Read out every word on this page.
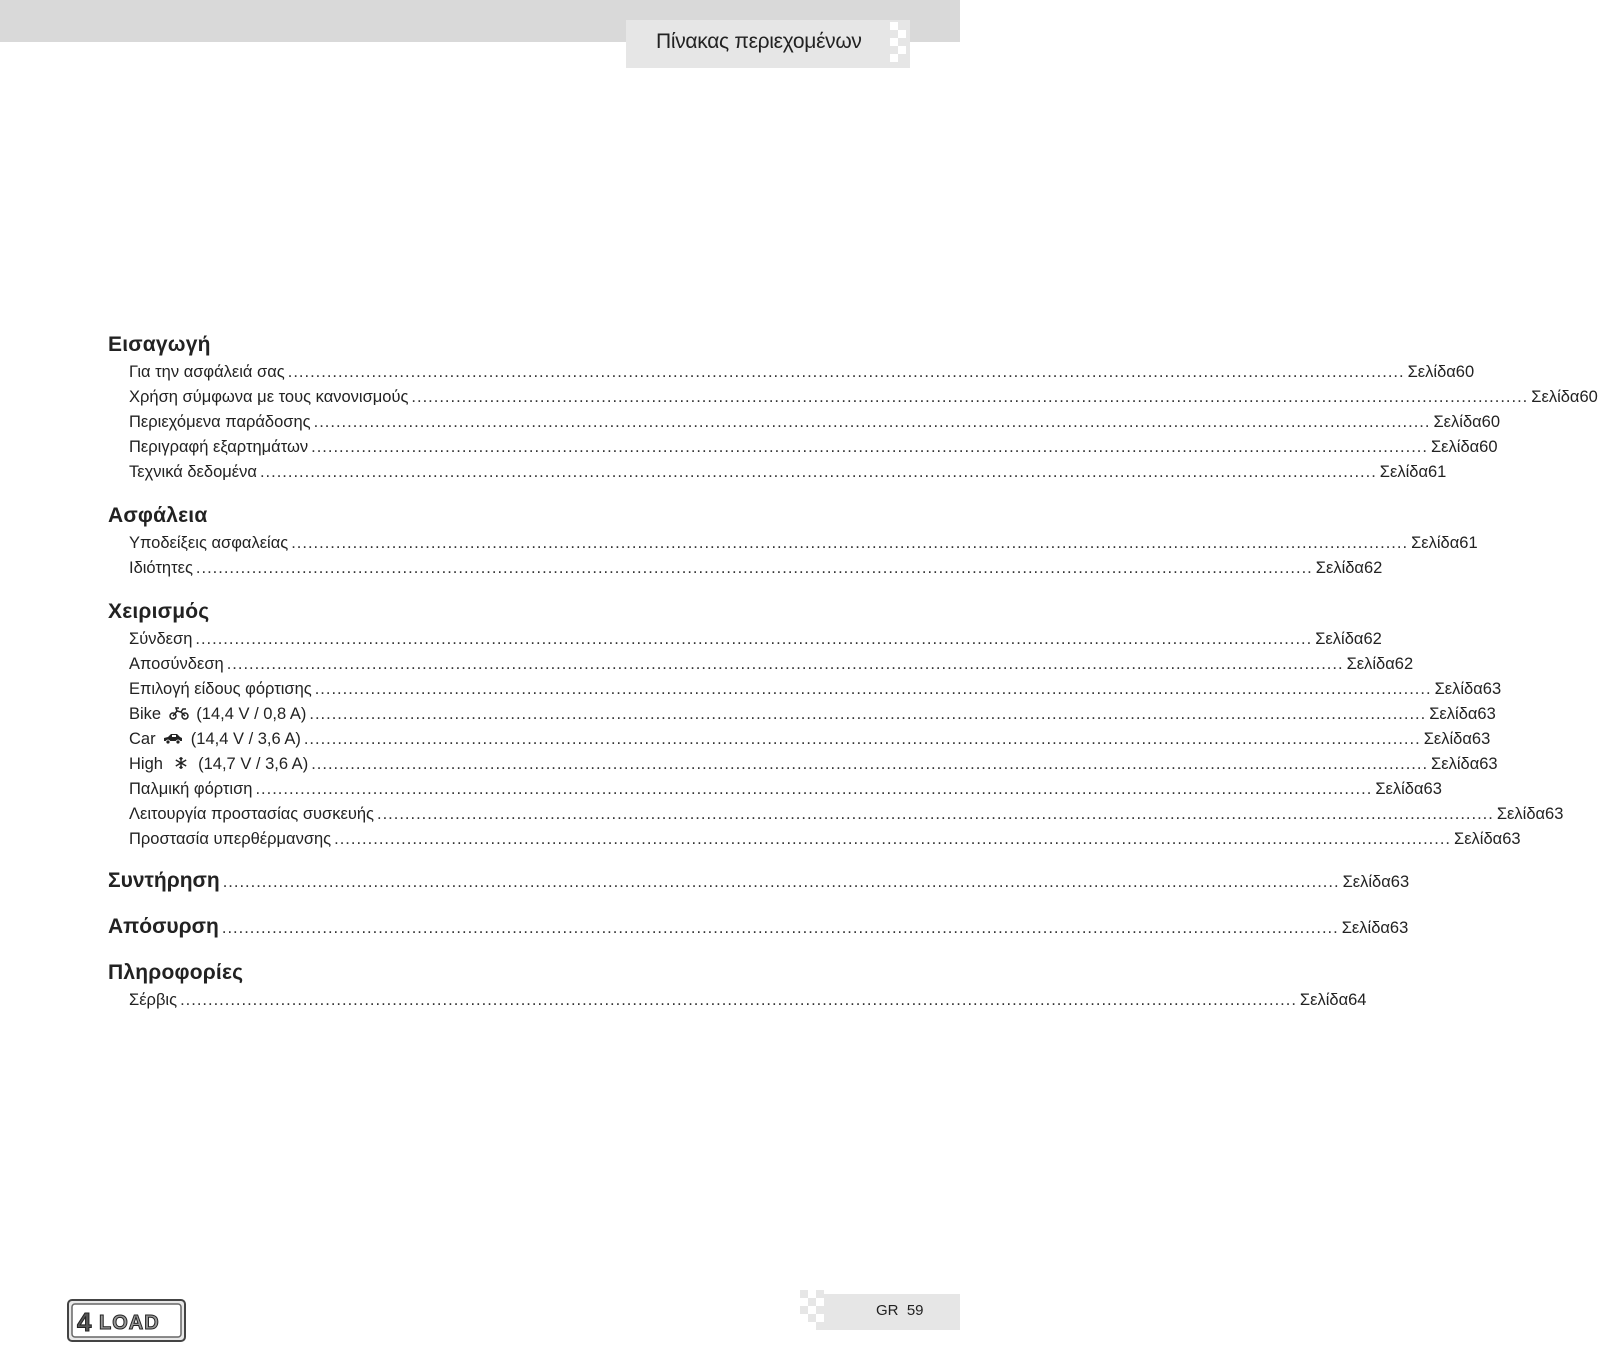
Πίνακας περιεχομένων
Εισαγωγή
Για την ασφάλειά σας ........................................................................................................................................................................................................ Σελίδα 60
Χρήση σύμφωνα με τους κανονισμούς ........................................................................................................................................................................................................ Σελίδα 60
Περιεχόμενα παράδοσης ........................................................................................................................................................................................................ Σελίδα 60
Περιγραφή εξαρτημάτων ........................................................................................................................................................................................................ Σελίδα 60
Τεχνικά δεδομένα ........................................................................................................................................................................................................ Σελίδα 61
Ασφάλεια
Υποδείξεις ασφαλείας ........................................................................................................................................................................................................ Σελίδα 61
Ιδιότητες ........................................................................................................................................................................................................ Σελίδα 62
Χειρισμός
Σύνδεση ........................................................................................................................................................................................................ Σελίδα 62
Αποσύνδεση ........................................................................................................................................................................................................ Σελίδα 62
Επιλογή είδους φόρτισης ........................................................................................................................................................................................................ Σελίδα 63
Bike (14,4 V / 0,8 A) ........................................................................................................................................................................................................ Σελίδα 63
Car (14,4 V / 3,6 A) ........................................................................................................................................................................................................ Σελίδα 63
High (14,7 V / 3,6 A) ........................................................................................................................................................................................................ Σελίδα 63
Παλμική φόρτιση ........................................................................................................................................................................................................ Σελίδα 63
Λειτουργία προστασίας συσκευής ........................................................................................................................................................................................................ Σελίδα 63
Προστασία υπερθέρμανσης ........................................................................................................................................................................................................ Σελίδα 63
Συντήρηση ........................................................................................................................................................................................................ Σελίδα 63
Απόσυρση ........................................................................................................................................................................................................ Σελίδα 63
Πληροφορίες
Σέρβις ........................................................................................................................................................................................................ Σελίδα 64
4 LOAD
GR 59
